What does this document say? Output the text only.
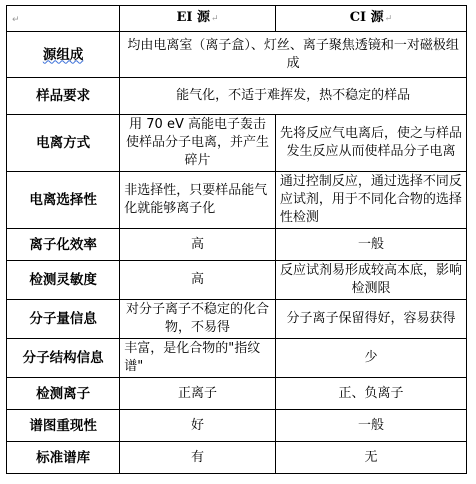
↵	EI 源↵	CI 源↵
源组成	均由电离室（离子盒）、灯丝、离子聚焦透镜和一对磁极组成	
样品要求	能气化，不适于难挥发，热不稳定的样品	
电离方式	用 70 eV 高能电子轰击使样品分子电离，并产生碎片	先将反应气电离后，使之与样品发生反应从而使样品分子电离
电离选择性	非选择性，只要样品能气化就能够离子化	通过控制反应，通过选择不同反应试剂，用于不同化合物的选择性检测
离子化效率	高	一般
检测灵敏度	高	反应试剂易形成较高本底，影响检测限
分子量信息	对分子离子不稳定的化合物，不易得	分子离子保留得好，容易获得
分子结构信息	丰富，是化合物的"指纹谱"	少
检测离子	正离子	正、负离子
谱图重现性	好	一般
标准谱库	有	无
